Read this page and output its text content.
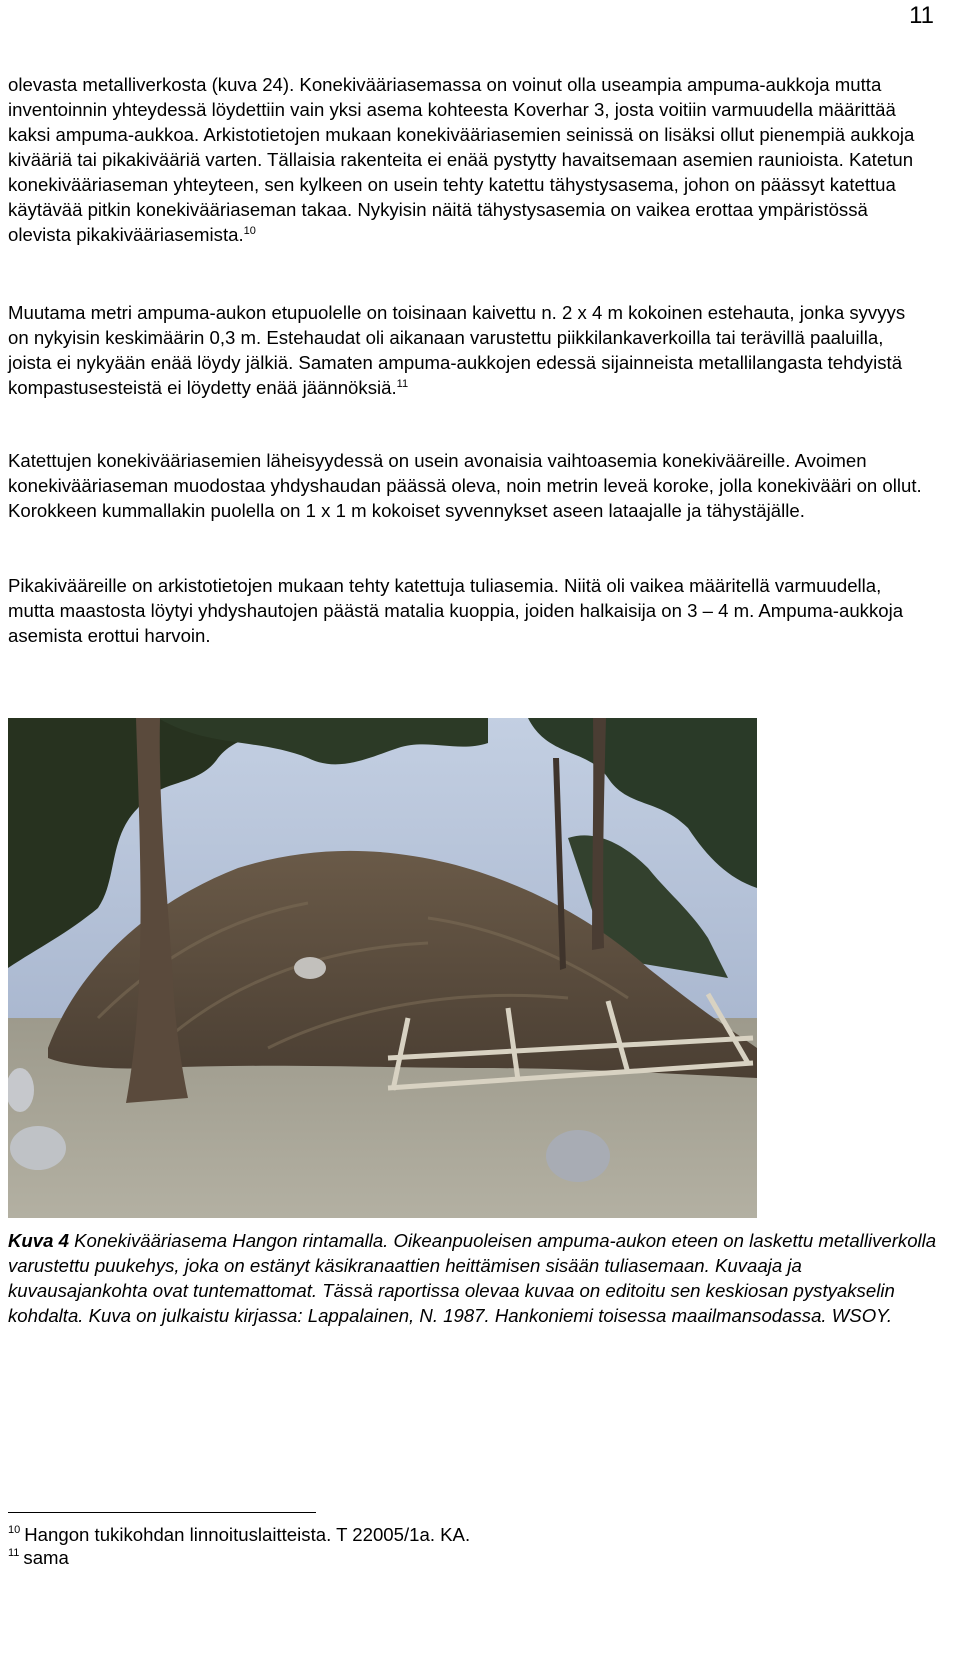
11

olevasta metalliverkosta (kuva 24). Konekivääriasemassa on voinut olla useampia ampuma-aukkoja mutta inventoinnin yhteydessä löydettiin vain yksi asema kohteesta Koverhar 3, josta voitiin varmuudella määrittää kaksi ampuma-aukkoa. Arkistotietojen mukaan konekivääriasemien seinissä on lisäksi ollut pienempiä aukkoja kivääriä tai pikakivääriä varten. Tällaisia rakenteita ei enää pystytty havaitsemaan asemien raunioista. Katetun konekivääriaseman yhteyteen, sen kylkeen on usein tehty katettu tähystysasema, johon on päässyt katettua käytävää pitkin konekivääriaseman takaa. Nykyisin näitä tähystysasemia on vaikea erottaa ympäristössä olevista pikakivääriasemista.$^{10}$

Muutama metri ampuma-aukon etupuolelle on toisinaan kaivettu n. 2 x 4 m kokoinen estehauta, jonka syvyys on nykyisin keskimäärin 0,3 m. Estehaudat oli aikanaan varustettu piikkilankaverkoilla tai terävillä paaluilla, joista ei nykyään enää löydy jälkiä. Samaten ampuma-aukkojen edessä sijainneista metallilangasta tehdyistä kompastusesteistä ei löydetty enää jäännöksiä.$^{11}$

Katettujen konekivääriasemien läheisyydessä on usein avonaisia vaihtoasemia konekivääreille. Avoimen konekivääriaseman muodostaa yhdyshaudan päässä oleva, noin metrin leveä koroke, jolla konekivääri on ollut. Korokkeen kummallakin puolella on 1 x 1 m kokoiset syvennykset aseen lataajalle ja tähystäjälle.

Pikakivääreille on arkistotietojen mukaan tehty katettuja tuliasemia. Niitä oli vaikea määritellä varmuudella, mutta maastosta löytyi yhdyshautojen päästä matalia kuoppia, joiden halkaisija on 3 – 4 m. Ampuma-aukkoja asemista erottui harvoin.

Kuva 4 Konekivääriasema Hangon rintamalla. Oikeanpuoleisen ampuma-aukon eteen on laskettu metalliverkolla varustettu puukehys, joka on estänyt käsikranaattien heittämisen sisään tuliasemaan. Kuvaaja ja kuvausajankohta ovat tuntemattomat. Tässä raportissa olevaa kuvaa on editoitu sen keskiosan pystyakselin kohdalta. Kuva on julkaistu kirjassa: Lappalainen, N. 1987. Hankoniemi toisessa maailmansodassa. WSOY.

$^{10}$ Hangon tukikohdan linnoituslaitteista. T 22005/1a. KA.

$^{11}$ sama
